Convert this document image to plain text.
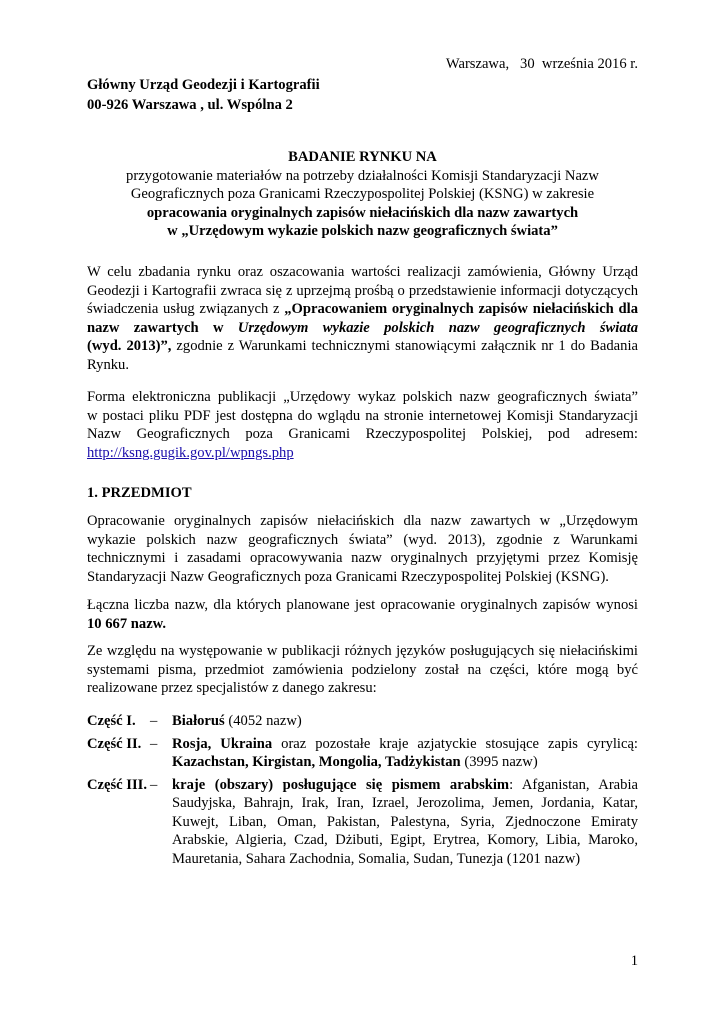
Warszawa,   30  września 2016 r.
Główny Urząd Geodezji i Kartografii
00-926 Warszawa , ul. Wspólna 2
BADANIE RYNKU NA
przygotowanie materiałów na potrzeby działalności Komisji Standaryzacji Nazw
Geograficznych poza Granicami Rzeczypospolitej Polskiej (KSNG) w zakresie
opracowania oryginalnych zapisów niełacińskich dla nazw zawartych
w „Urzędowym wykazie polskich nazw geograficznych świata”
W celu zbadania rynku oraz oszacowania wartości realizacji zamówienia, Główny Urząd
Geodezji i Kartografii zwraca się z uprzejmą prośbą o przedstawienie informacji dotyczących
świadczenia usług związanych z „Opracowaniem oryginalnych zapisów niełacińskich dla
nazw zawartych w Urzędowym wykazie polskich nazw geograficznych świata
(wyd. 2013)”, zgodnie z Warunkami technicznymi stanowiącymi załącznik nr 1 do Badania
Rynku.
Forma elektroniczna publikacji „Urzędowy wykaz polskich nazw geograficznych świata”
w postaci pliku PDF jest dostępna do wglądu na stronie internetowej Komisji Standaryzacji
Nazw Geograficznych poza Granicami Rzeczypospolitej Polskiej, pod adresem:
http://ksng.gugik.gov.pl/wpngs.php
1. PRZEDMIOT
Opracowanie oryginalnych zapisów niełacińskich dla nazw zawartych w „Urzędowym
wykazie polskich nazw geograficznych świata” (wyd. 2013), zgodnie z Warunkami
technicznymi i zasadami opracowywania nazw oryginalnych przyjętymi przez Komisję
Standaryzacji Nazw Geograficznych poza Granicami Rzeczypospolitej Polskiej (KSNG).
Łączna liczba nazw, dla których planowane jest opracowanie oryginalnych zapisów wynosi
10 667 nazw.
Ze względu na występowanie w publikacji różnych języków posługujących się niełacińskimi
systemami pisma, przedmiot zamówienia podzielony został na części, które mogą być
realizowane przez specjalistów z danego zakresu:
Część I. – Białoruś (4052 nazw)
Część II. – Rosja, Ukraina oraz pozostałe kraje azjatyckie stosujące zapis cyrylicą:
Kazachstan, Kirgistan, Mongolia, Tadżykistan (3995 nazw)
Część III. – kraje (obszary) posługujące się pismem arabskim: Afganistan, Arabia
Saudyjska, Bahrajn, Irak, Iran, Izrael, Jerozolima, Jemen, Jordania, Katar,
Kuwejt, Liban, Oman, Pakistan, Palestyna, Syria, Zjednoczone Emiraty
Arabskie, Algieria, Czad, Dżibuti, Egipt, Erytrea, Komory, Libia, Maroko,
Mauretania, Sahara Zachodnia, Somalia, Sudan, Tunezja (1201 nazw)
1
